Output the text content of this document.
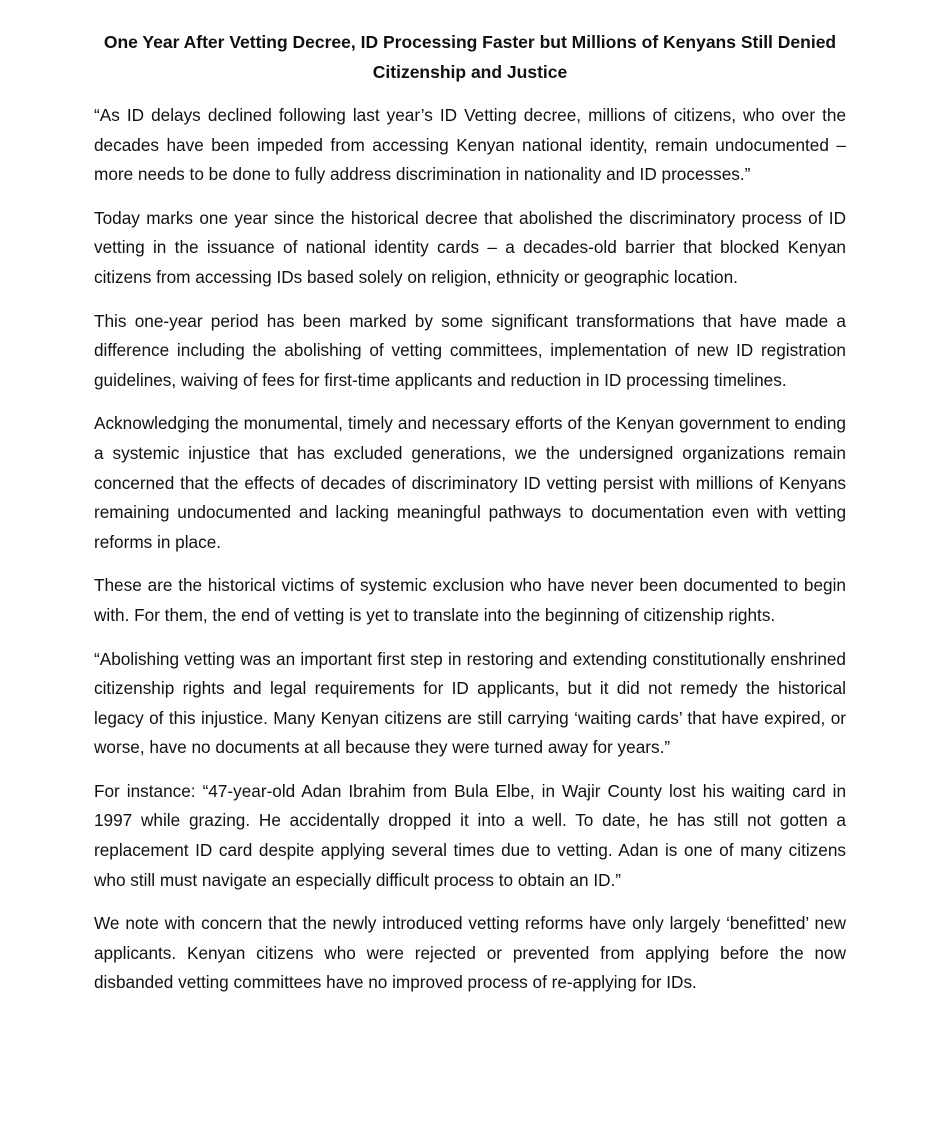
One Year After Vetting Decree, ID Processing Faster but Millions of Kenyans Still Denied Citizenship and Justice

“As ID delays declined following last year’s ID Vetting decree, millions of citizens, who over the decades have been impeded from accessing Kenyan national identity, remain undocumented – more needs to be done to fully address discrimination in nationality and ID processes.”

Today marks one year since the historical decree that abolished the discriminatory process of ID vetting in the issuance of national identity cards – a decades-old barrier that blocked Kenyan citizens from accessing IDs based solely on religion, ethnicity or geographic location.

This one-year period has been marked by some significant transformations that have made a difference including the abolishing of vetting committees, implementation of new ID registration guidelines, waiving of fees for first-time applicants and reduction in ID processing timelines.

Acknowledging the monumental, timely and necessary efforts of the Kenyan government to ending a systemic injustice that has excluded generations, we the undersigned organizations remain concerned that the effects of decades of discriminatory ID vetting persist with millions of Kenyans remaining undocumented and lacking meaningful pathways to documentation even with vetting reforms in place.

These are the historical victims of systemic exclusion who have never been documented to begin with. For them, the end of vetting is yet to translate into the beginning of citizenship rights.

“Abolishing vetting was an important first step in restoring and extending constitutionally enshrined citizenship rights and legal requirements for ID applicants, but it did not remedy the historical legacy of this injustice. Many Kenyan citizens are still carrying ‘waiting cards’ that have expired, or worse, have no documents at all because they were turned away for years.”

For instance: “47-year-old Adan Ibrahim from Bula Elbe, in Wajir County lost his waiting card in 1997 while grazing. He accidentally dropped it into a well. To date, he has still not gotten a replacement ID card despite applying several times due to vetting. Adan is one of many citizens who still must navigate an especially difficult process to obtain an ID.”

We note with concern that the newly introduced vetting reforms have only largely ‘benefitted’ new applicants. Kenyan citizens who were rejected or prevented from applying before the now disbanded vetting committees have no improved process of re-applying for IDs.
